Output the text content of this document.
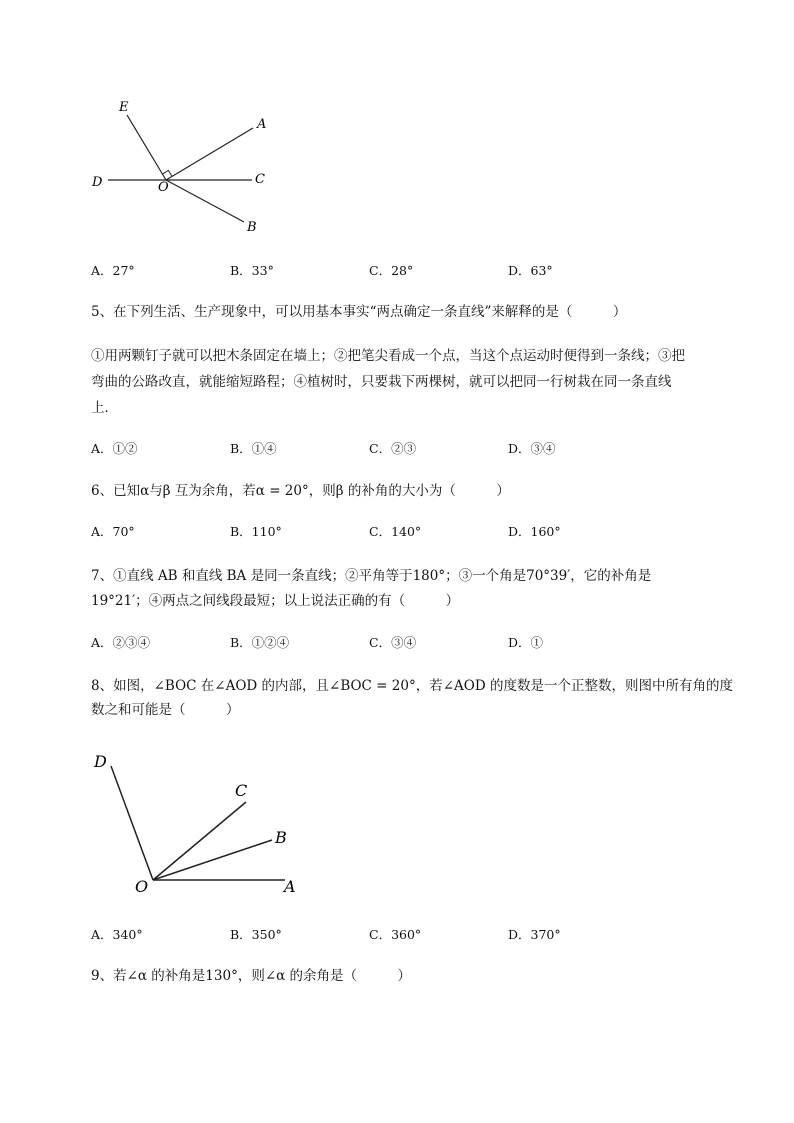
E
A
D	O
C
B
A．27°	B．33°	C．28°	D．63°
5、在下列生活、生产现象中，可以用基本事实“两点确定一条直线”来解释的是（　　　）
①用两颗钉子就可以把木条固定在墙上；②把笔尖看成一个点，当这个点运动时便得到一条线；③把
弯曲的公路改直，就能缩短路程；④植树时，只要栽下两棵树，就可以把同一行树栽在同一条直线
上．
A．①②	B．①④	C．②③	D．③④
6、已知α与β 互为余角，若α = 20°，则β 的补角的大小为（　　　）
A．70°	B．110°	C．140°	D．160°
7、①直线 AB 和直线 BA 是同一条直线；②平角等于180°；③一个角是70°39′，它的补角是
19°21′；④两点之间线段最短；以上说法正确的有（　　　）
A．②③④	B．①②④	C．③④	D．①
8、如图，∠BOC 在∠AOD 的内部，且∠BOC = 20°，若∠AOD 的度数是一个正整数，则图中所有角的度
数之和可能是（　　　）
D
C
B
O	A
A．340°	B．350°	C．360°	D．370°
9、若∠α 的补角是130°，则∠α 的余角是（　　　）
